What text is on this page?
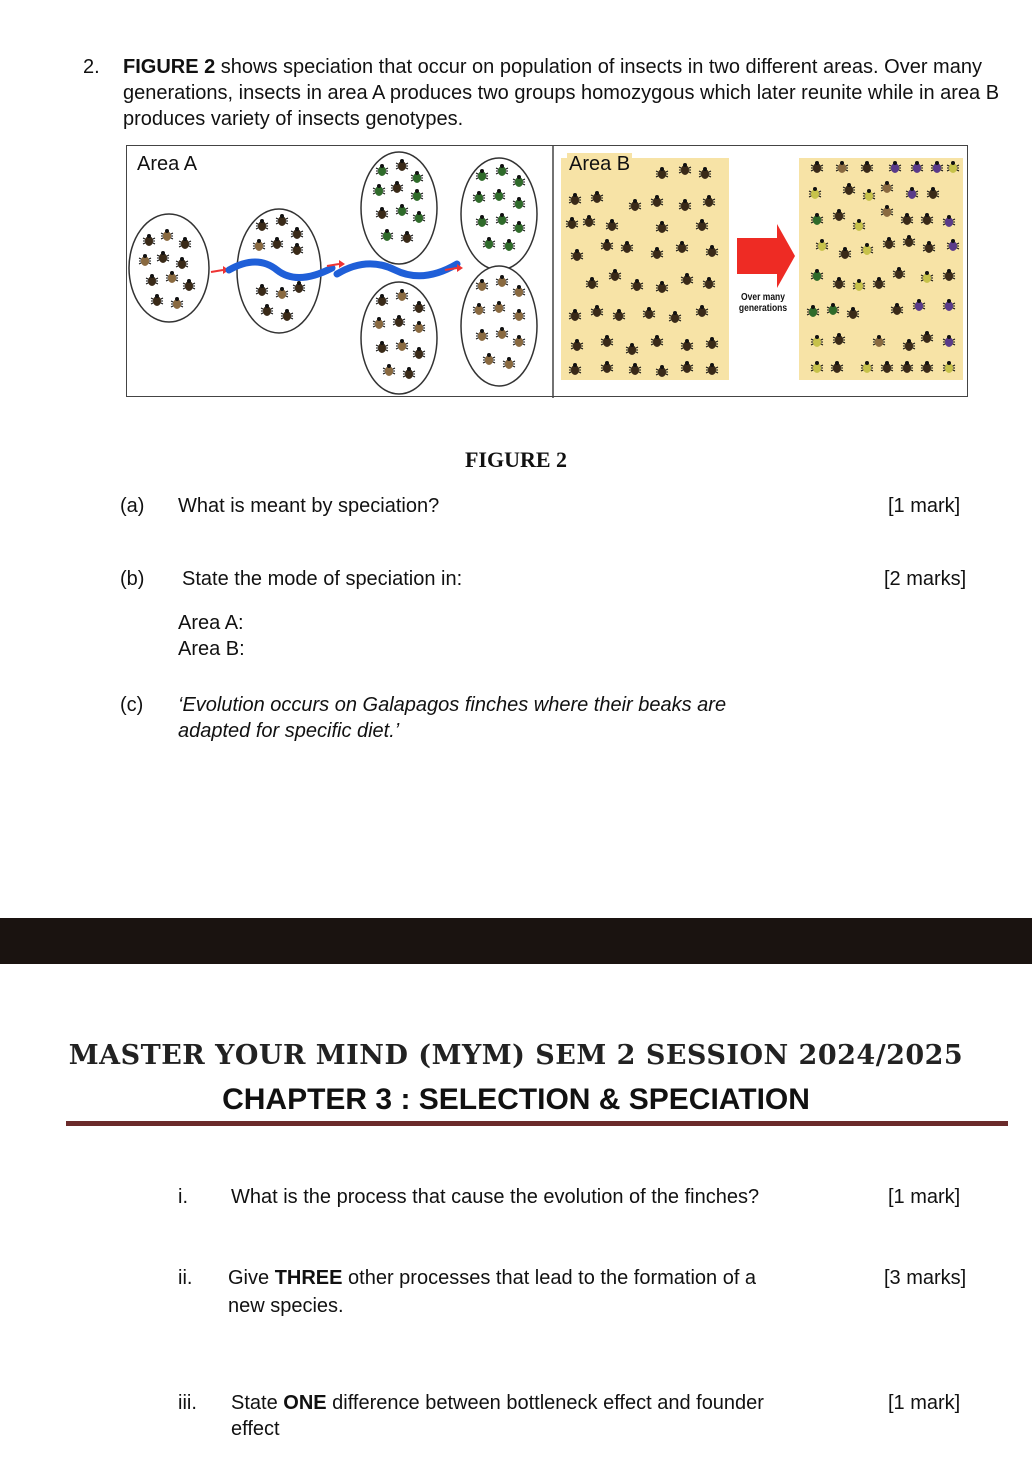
2. FIGURE 2 shows speciation that occur on population of insects in two different areas. Over many generations, insects in area A produces two groups homozygous which later reunite while in area B produces variety of insects genotypes.
Area A	Area B
Over many
generations
FIGURE 2
(a) What is meant by speciation?	[1 mark]
(b) State the mode of speciation in:	[2 marks]
Area A:
Area B:
(c) ‘Evolution occurs on Galapagos finches where their beaks are
adapted for specific diet.’
MASTER YOUR MIND (MYM) SEM 2 SESSION 2024/2025
CHAPTER 3 : SELECTION & SPECIATION
i. What is the process that cause the evolution of the finches?	[1 mark]
ii. Give THREE other processes that lead to the formation of a
new species.
[3 marks]
iii. State ONE difference between bottleneck effect and founder
effect
[1 mark]
